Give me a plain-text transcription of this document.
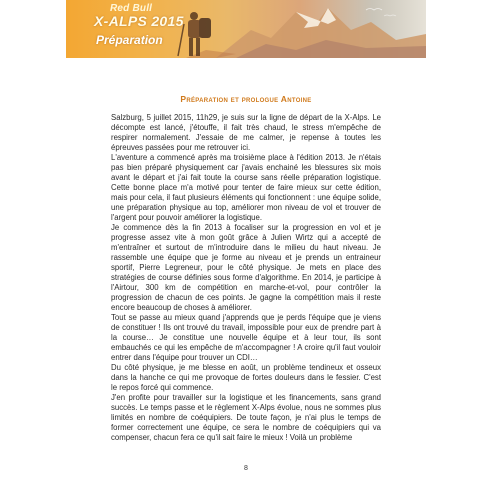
Red Bull

X-ALPS 2015

Préparation

Préparation et prologue Antoine

Salzburg, 5 juillet 2015, 11h29, je suis sur la ligne de départ de la X-Alps. Le décompte est lancé, j'étouffe, il fait très chaud, le stress m'empêche de respirer normalement. J'essaie de me calmer, je repense à toutes les épreuves passées pour me retrouver ici.

L'aventure a commencé après ma troisième place à l'édition 2013. Je n'étais pas bien préparé physiquement car j'avais enchainé les blessures six mois avant le départ et j'ai fait toute la course sans réelle préparation logistique. Cette bonne place m'a motivé pour tenter de faire mieux sur cette édition, mais pour cela, il faut plusieurs éléments qui fonctionnent : une équipe solide, une préparation physique au top, améliorer mon niveau de vol et trouver de l'argent pour pouvoir améliorer la logistique.

Je commence dès la fin 2013 à focaliser sur la progression en vol et je progresse assez vite à mon goût grâce à Julien Wirtz qui a accepté de m'entraîner et surtout de m'introduire dans le milieu du haut niveau. Je rassemble une équipe que je forme au niveau et je prends un entraineur sportif, Pierre Legreneur, pour le côté physique. Je mets en place des stratégies de course définies sous forme d'algorithme. En 2014, je participe à l'Airtour, 300 km de compétition en marche-et-vol, pour contrôler la progression de chacun de ces points. Je gagne la compétition mais il reste encore beaucoup de choses à améliorer.

Tout se passe au mieux quand j'apprends que je perds l'équipe que je viens de constituer ! Ils ont trouvé du travail, impossible pour eux de prendre part à la course… Je constitue une nouvelle équipe et à leur tour, ils sont embauchés ce qui les empêche de m'accompagner ! A croire qu'il faut vouloir entrer dans l'équipe pour trouver un CDI…

Du côté physique, je me blesse en août, un problème tendineux et osseux dans la hanche ce qui me provoque de fortes douleurs dans le fessier. C'est le repos forcé qui commence.

J'en profite pour travailler sur la logistique et les financements, sans grand succès. Le temps passe et le règlement X-Alps évolue, nous ne sommes plus limités en nombre de coéquipiers. De toute façon, je n'ai plus le temps de former correctement une équipe, ce sera le nombre de coéquipiers qui va compenser, chacun fera ce qu'il sait faire le mieux ! Voilà un problème

8
